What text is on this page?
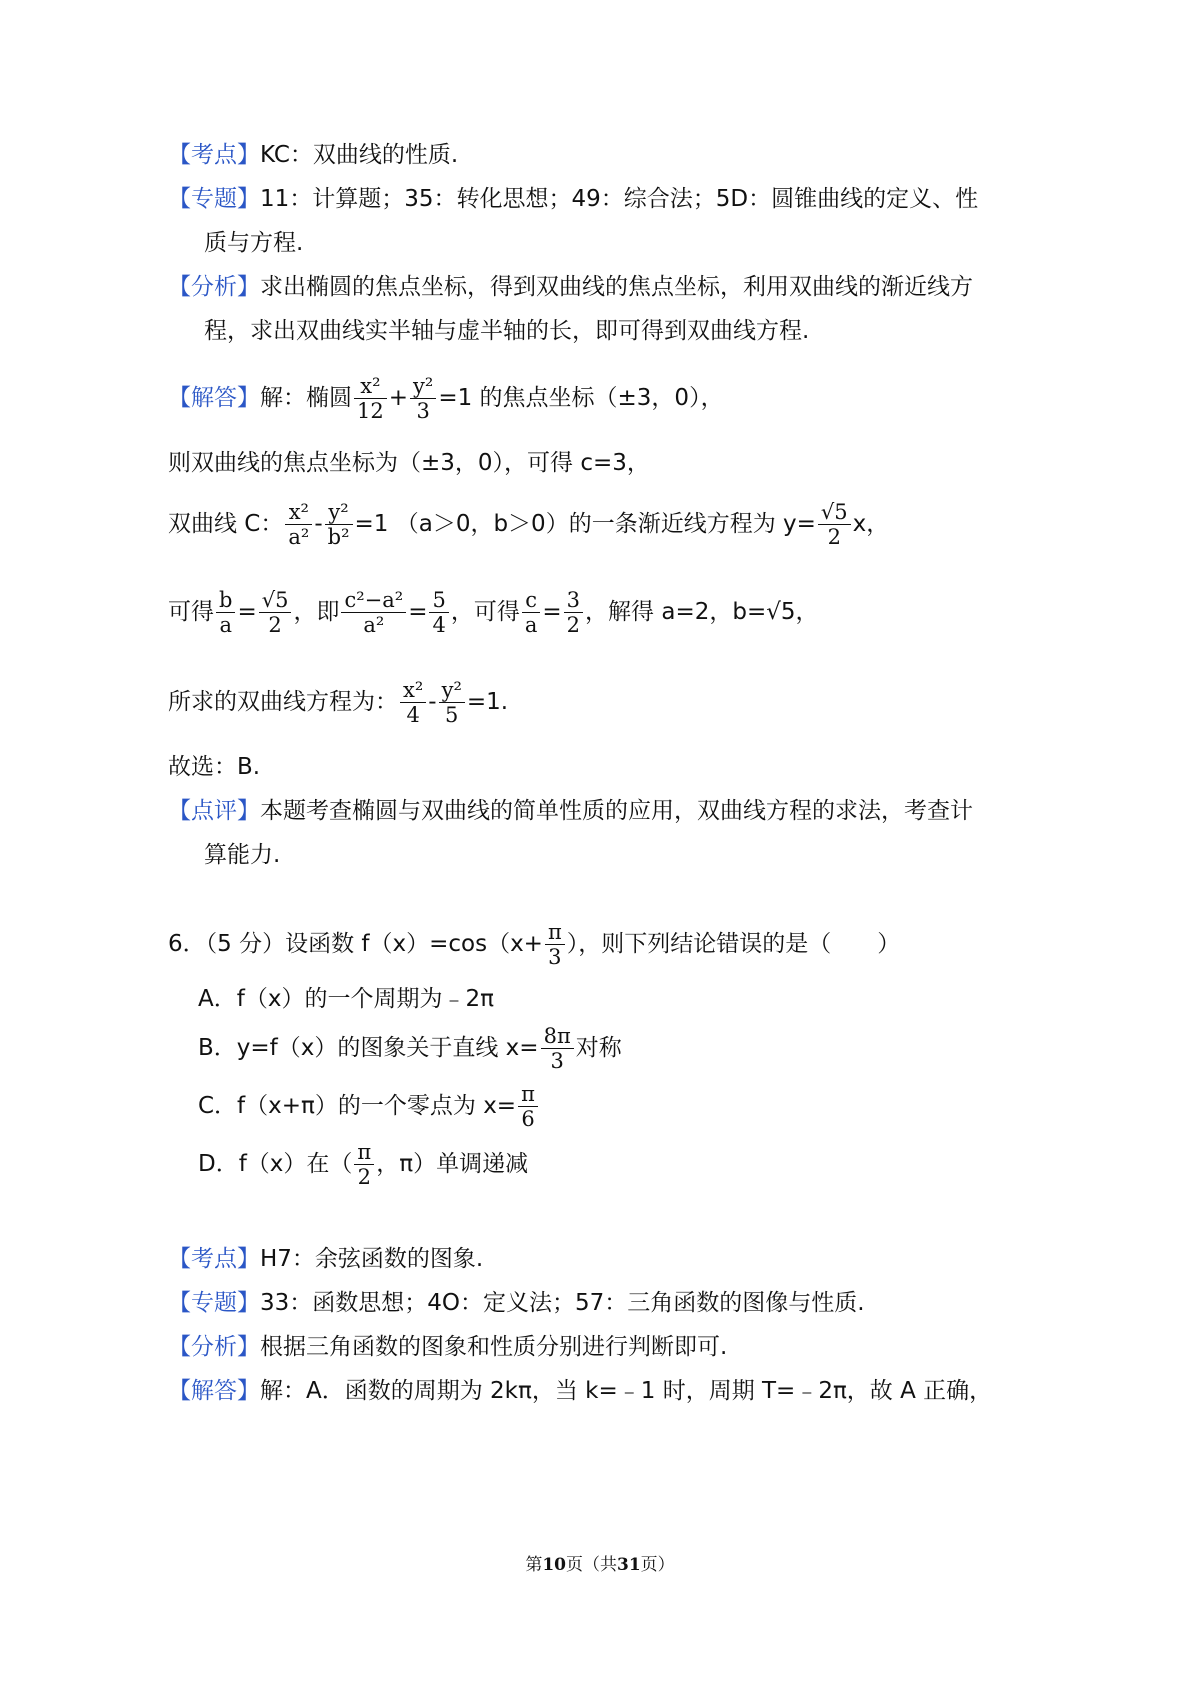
【考点】KC：双曲线的性质.
【专题】11：计算题；35：转化思想；49：综合法；5D：圆锥曲线的定义、性
质与方程.
【分析】求出椭圆的焦点坐标，得到双曲线的焦点坐标，利用双曲线的渐近线方
程，求出双曲线实半轴与虚半轴的长，即可得到双曲线方程.
【解答】解：椭圆 $\frac{\text{x²}}{12} + \frac{\text{y²}}{3} =1$ 的焦点坐标（±3，0），
则双曲线的焦点坐标为（±3，0），可得 c=3，
双曲线 C： $\frac{\text{x²}}{\text{a²}} - \frac{\text{y²}}{\text{b²}} =1$ （a＞0，b＞0）的一条渐近线方程为 $y= \frac{√5}{2}$ x，
可得 $\frac{b}{a} = \frac{√5}{2}$ ，即 $\frac{\text{c²−a²}}{\text{a²}} = \frac{5}{4}$ ，可得 $\frac{c}{a} = \frac{3}{2}$ ，解得 a=2，b=√5，
所求的双曲线方程为： $\frac{\text{x²}}{4} - \frac{\text{y²}}{5} =1$.
故选：B.
【点评】本题考查椭圆与双曲线的简单性质的应用，双曲线方程的求法，考查计
算能力.
6．（5 分）设函数 $f(x)=\cos(x+ \frac{\pi}{3}$ ），则下列结论错误的是（　　）
A．f（x）的一个周期为﹣2π
B．y=f（x）的图象关于直线 $x= \frac{8\pi}{3}$ 对称
C．f（x+π）的一个零点为 $x= \frac{\pi}{6}$
D．f（x）在（ $\frac{\pi}{2}$ ，π）单调递减
【考点】H7：余弦函数的图象.
【专题】33：函数思想；4O：定义法；57：三角函数的图像与性质.
【分析】根据三角函数的图象和性质分别进行判断即可.
【解答】解：A．函数的周期为 2kπ，当 k=﹣1 时，周期 T=﹣2π，故 A 正确，
第10页（共31页）
